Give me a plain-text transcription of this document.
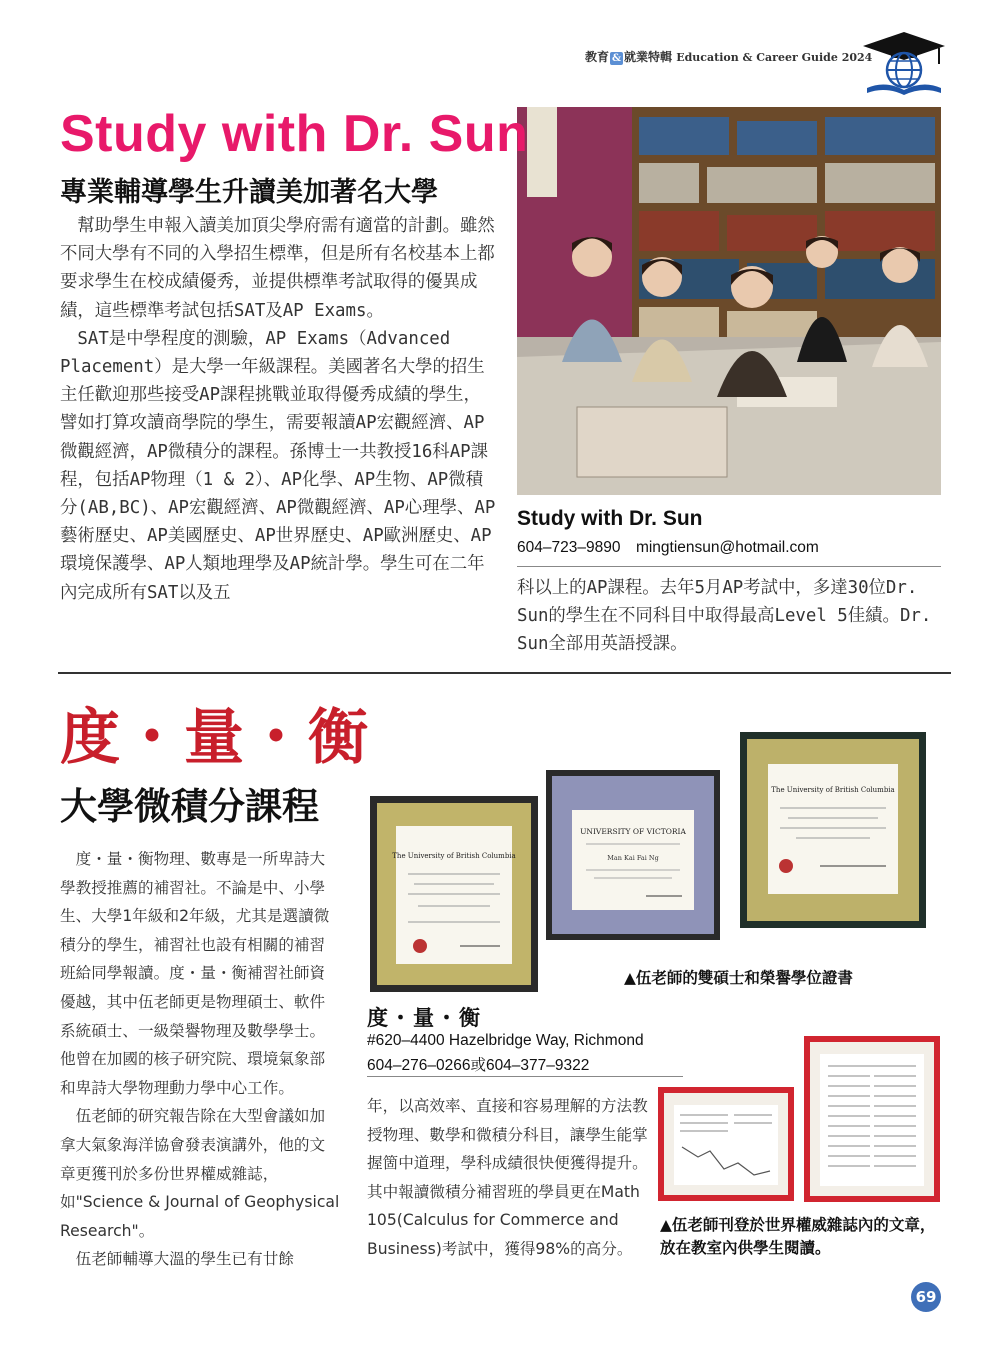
教育 & 就業特輯 Education & Career Guide 2024
Study with Dr. Sun
專業輔導學生升讀美加著名大學

　幫助學生申報入讀美加頂尖學府需有適當的計劃。雖然不同大學有不同的入學招生標準，但是所有名校基本上都要求學生在校成績優秀，並提供標準考試取得的優異成績，這些標準考試包括SAT及AP Exams。

　SAT是中學程度的測驗，AP Exams（Advanced Placement）是大學一年級課程。美國著名大學的招生主任歡迎那些接受AP課程挑戰並取得優秀成績的學生，譬如打算攻讀商學院的學生，需要報讀AP宏觀經濟、AP微觀經濟，AP微積分的課程。孫博士一共教授16科AP課程，包括AP物理（1 & 2）、AP化學、AP生物、AP微積分(AB,BC)、AP宏觀經濟、AP微觀經濟、AP心理學、AP藝術歷史、AP美國歷史、AP世界歷史、AP歐洲歷史、AP環境保護學、AP人類地理學及AP統計學。學生可在二年內完成所有SAT以及五

Study with Dr. Sun
604–723–9890　mingtiensun@hotmail.com

科以上的AP課程。去年5月AP考試中，多達30位Dr. Sun的學生在不同科目中取得最高Level 5佳績。Dr. Sun全部用英語授課。

度・量・衡
大學微積分課程

　度・量・衡物理、數專是一所卑詩大學教授推薦的補習社。不論是中、小學生、大學1年級和2年級，尤其是選讀微積分的學生，補習社也設有相關的補習班給同學報讀。度・量・衡補習社師資優越，其中伍老師更是物理碩士、軟件系統碩士、一級榮譽物理及數學學士。他曾在加國的核子研究院、環境氣象部和卑詩大學物理動力學中心工作。

　伍老師的研究報告除在大型會議如加拿大氣象海洋協會發表演講外，他的文章更獲刊於多份世界權威雜誌，如"Science & Journal of Geophysical Research"。

　伍老師輔導大溫的學生已有廿餘

The University of British Columbia
UNIVERSITY OF VICTORIA
Man Kai Fai Ng
The University of British Columbia
▲伍老師的雙碩士和榮譽學位證書
度・量・衡
#620–4400 Hazelbridge Way, Richmond
604–276–0266或604–377–9322

年，以高效率、直接和容易理解的方法教授物理、數學和微積分科目，讓學生能掌握箇中道理，學科成績很快便獲得提升。其中報讀微積分補習班的學員更在Math 105(Calculus for Commerce and Business)考試中，獲得98%的高分。

▲伍老師刊登於世界權威雜誌內的文章，放在教室內供學生閱讀。
69
